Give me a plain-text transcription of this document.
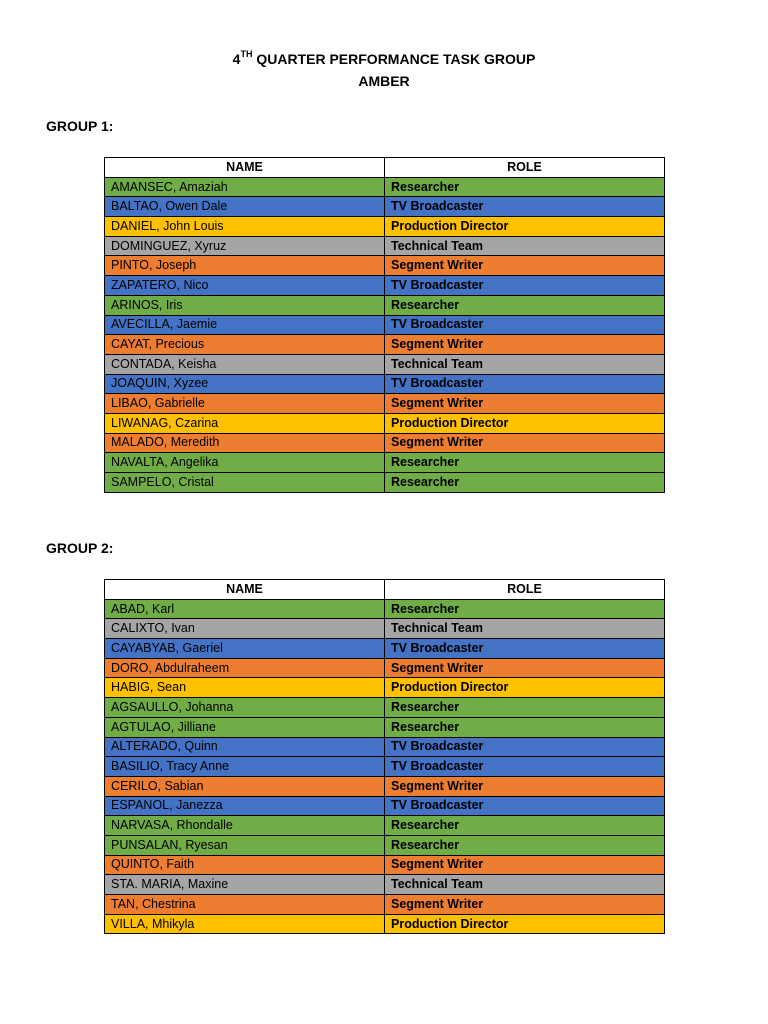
4TH QUARTER PERFORMANCE TASK GROUP
AMBER
GROUP 1:
NAME	ROLE
AMANSEC, Amaziah	Researcher
BALTAO, Owen Dale	TV Broadcaster
DANIEL, John Louis	Production Director
DOMINGUEZ, Xyruz	Technical Team
PINTO, Joseph	Segment Writer
ZAPATERO, Nico	TV Broadcaster
ARINOS, Iris	Researcher
AVECILLA, Jaemie	TV Broadcaster
CAYAT, Precious	Segment Writer
CONTADA, Keisha	Technical Team
JOAQUIN, Xyzee	TV Broadcaster
LIBAO, Gabrielle	Segment Writer
LIWANAG, Czarina	Production Director
MALADO, Meredith	Segment Writer
NAVALTA, Angelika	Researcher
SAMPELO, Cristal	Researcher
GROUP 2:
NAME	ROLE
ABAD, Karl	Researcher
CALIXTO, Ivan	Technical Team
CAYABYAB, Gaeriel	TV Broadcaster
DORO, Abdulraheem	Segment Writer
HABIG, Sean	Production Director
AGSAULLO, Johanna	Researcher
AGTULAO, Jilliane	Researcher
ALTERADO, Quinn	TV Broadcaster
BASILIO, Tracy Anne	TV Broadcaster
CERILO, Sabian	Segment Writer
ESPANOL, Janezza	TV Broadcaster
NARVASA, Rhondalle	Researcher
PUNSALAN, Ryesan	Researcher
QUINTO, Faith	Segment Writer
STA. MARIA, Maxine	Technical Team
TAN, Chestrina	Segment Writer
VILLA, Mhikyla	Production Director
